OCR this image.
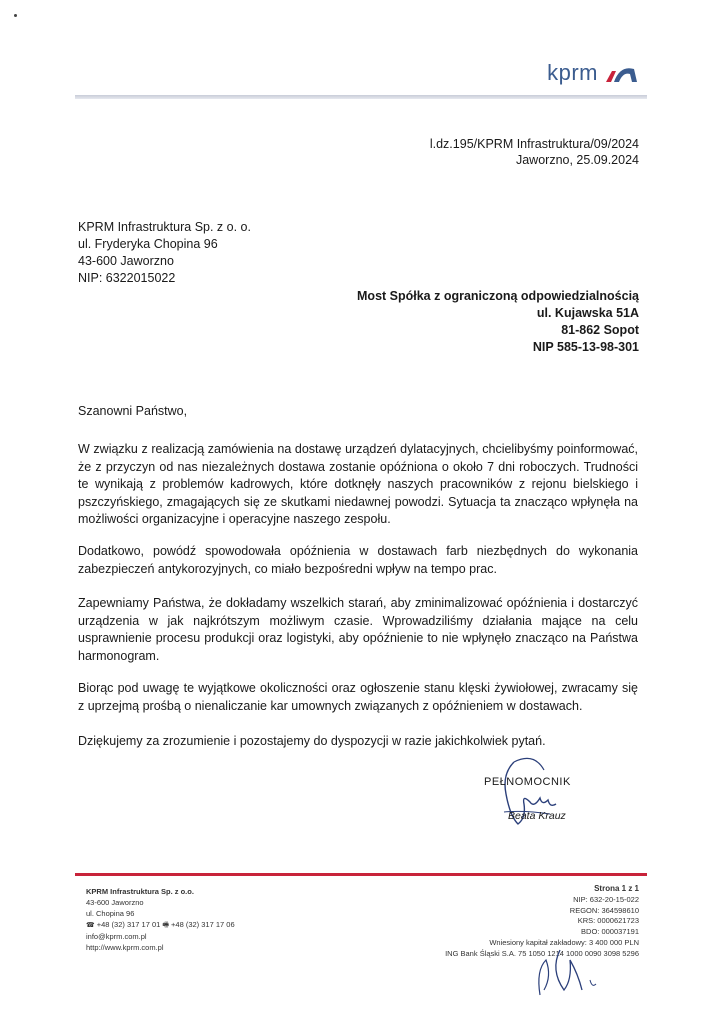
kprm
l.dz.195/KPRM Infrastruktura/09/2024
Jaworzno, 25.09.2024
KPRM Infrastruktura Sp. z o. o.
ul. Fryderyka Chopina 96
43-600 Jaworzno
NIP: 6322015022
Most Spółka z ograniczoną odpowiedzialnością
ul. Kujawska 51A
81-862 Sopot
NIP 585-13-98-301
Szanowni Państwo,
W związku z realizacją zamówienia na dostawę urządzeń dylatacyjnych, chcielibyśmy poinformować, że z przyczyn od nas niezależnych dostawa zostanie opóźniona o około 7 dni roboczych. Trudności te wynikają z problemów kadrowych, które dotknęły naszych pracowników z rejonu bielskiego i pszczyńskiego, zmagających się ze skutkami niedawnej powodzi. Sytuacja ta znacząco wpłynęła na możliwości organizacyjne i operacyjne naszego zespołu.
Dodatkowo, powódź spowodowała opóźnienia w dostawach farb niezbędnych do wykonania zabezpieczeń antykorozyjnych, co miało bezpośredni wpływ na tempo prac.
Zapewniamy Państwa, że dokładamy wszelkich starań, aby zminimalizować opóźnienia i dostarczyć urządzenia w jak najkrótszym możliwym czasie. Wprowadziliśmy działania mające na celu usprawnienie procesu produkcji oraz logistyki, aby opóźnienie to nie wpłynęło znacząco na Państwa harmonogram.
Biorąc pod uwagę te wyjątkowe okoliczności oraz ogłoszenie stanu klęski żywiołowej, zwracamy się z uprzejmą prośbą o nienaliczanie kar umownych związanych z opóźnieniem w dostawach.
Dziękujemy za zrozumienie i pozostajemy do dyspozycji w razie jakichkolwiek pytań.
PEŁNOMOCNIK
Beata Krauz
KPRM Infrastruktura Sp. z o.o.
43-600 Jaworzno
ul. Chopina 96
☎ +48 (32) 317 17 01 🖷 +48 (32) 317 17 06
info@kprm.com.pl
http://www.kprm.com.pl
Strona 1 z 1
NIP: 632-20-15-022
REGON: 364598610
KRS: 0000621723
BDO: 000037191
Wniesiony kapitał zakładowy: 3 400 000 PLN
ING Bank Śląski S.A. 75 1050 1214 1000 0090 3098 5296
